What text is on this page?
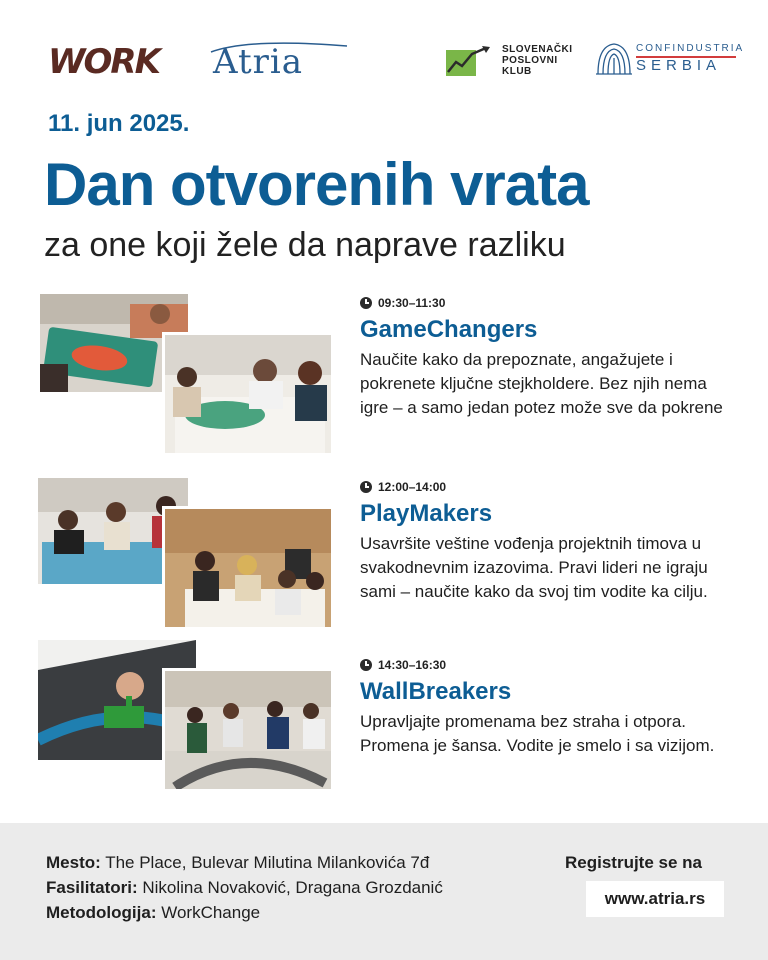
WORK Atria	SLOVENAČKI
POSLOVNI
KLUB
CONFINDUSTRIA
SERBIA
11. jun 2025.
Dan otvorenih vrata
za one koji žele da naprave razliku
09:30–11:30
GameChangers
Naučite kako da prepoznate, angažujete i pokrenete ključne stejkholdere. Bez njih nema igre – a samo jedan potez može sve da pokrene
12:00–14:00
PlayMakers
Usavršite veštine vođenja projektnih timova u svakodnevnim izazovima. Pravi lideri ne igraju sami – naučite kako da svoj tim vodite ka cilju.
14:30–16:30
WallBreakers
Upravljajte promenama bez straha i otpora. Promena je šansa. Vodite je smelo i sa vizijom.
Mesto: The Place, Bulevar Milutina Milankovića 7đ
Fasilitatori: Nikolina Novaković, Dragana Grozdanić
Metodologija: WorkChange
Registrujte se na
www.atria.rs
